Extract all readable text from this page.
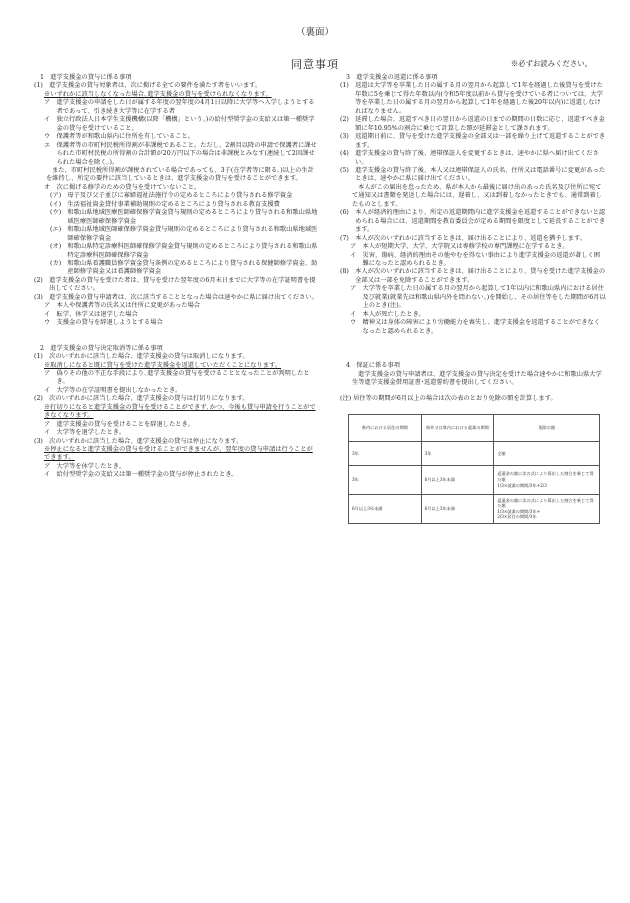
（裏面）
同意事項	※必ずお読みください。
1　進学支援金の貸与に係る事項
(1)　 進学支援金の貸与対象者は、次に掲げる全ての要件を満たす者をいいます。
※いずれかに該当しなくなった場合､進学支援金の貸与を受けられなくなります。
ア　 進学支援金の申請をした日が属する年度の翌年度の4月1日以降に大学等へ入学しようとする者であって、引き続き大学等に在学する者
イ　 独立行政法人日本学生支援機構(以降「機構」という。)の給付型奨学金の支給又は第一種奨学金の貸与を受けていること。
ウ　 保護者等が和歌山県内に住所を有していること。
エ　 保護者等の市町村民税所得割が非課税であること。ただし、2割目以降の申請で保護者に課せられた市町村民税の所得割の合計額が20万円以下の場合は非課税とみなす(連続して2回課せられた場合を除く。)。
また、市町村民税所得割が課税されている場合であっても、3子(在学者等に限る。)以上の生計を維持し、所定の要件に該当しているときは、進学支援金の貸与を受けることができます。
オ　 次に掲げる修学のための貸与を受けていないこと。
(ア)　 母子及び父子並びに寡婦福祉法施行令の定めるところにより貸与される修学資金
(イ)　 生活福祉資金貸付事業補助規則の定めるところにより貸与される教育支援費
(ウ)　 和歌山県地域医療医師確保修学資金貸与規則の定めるところにより貸与される和歌山県地域医療医師確保修学資金
(エ)　 和歌山県地域医師確保修学資金貸与規則の定めるところにより貸与される和歌山県地域医師確保修学資金
(オ)　 和歌山県特定診療科医師確保修学資金貸与規則の定めるところにより貸与される和歌山県特定診療科医師確保修学資金
(カ)　 和歌山県看護職員修学資金貸与条例の定めるところにより貸与される保健師修学資金、助産師修学資金又は看護師修学資金
(2)　 進学支援金の貸与を受けた者は、貸与を受けた翌年度の6月末日までに大学等の在学証明書を提出してください。
(3)　 進学支援金の貸与申請者は、次に該当することとなった場合は速やかに県に届け出てください。
ア　 本人や保護者等の氏名又は住所に変更があった場合
イ　 転学、休学又は退学した場合
ウ　 支援金の貸与を辞退しようとする場合
2　進学支援金の貸与決定取消等に係る事項
(1)　 次のいずれかに該当した場合、進学支援金の貸与は取消しになります。
※取消しになると既に貸与を受けた進学支援金を返還していただくことになります。
ア　 偽りその他の不正な手段により､進学支援金の貸与を受けることとなったことが判明したとき。
イ　 大学等の在学証明書を提出しなかったとき。
(2)　 次のいずれかに該当した場合、進学支援金の貸与は打切りになります。
※打切りになると進学支援金の貸与を受けることができず､かつ、今後も貸与申請を行うことができなくなります。
ア　 進学支援金の貸与を受けることを辞退したとき。
イ　 大学等を退学したとき。
(3)　 次のいずれかに該当した場合、進学支援金の貸与は停止になります。
※停止になると進学支援金の貸与を受けることができませんが、翌年度の貸与申請は行うことができます。
ア　 大学等を休学したとき。
イ　 給付型奨学金の支給又は第一種奨学金の貸与が停止されたとき。
3　進学支援金の返還に係る事項
(1)　 返還は大学等を卒業した日の属する月の翌月から起算して1年を経過した後貸与を受けた年数に5を乗じて得た年数以内(令和5年度以前から貸与を受けている者については、大学等を卒業した日の属する月の翌月から起算して1年を経過した後20年以内)に返還しなければなりません。
(2)　 延滞した場合、返還すべき日の翌日から返還の日までの期間の日数に応じ、返還すべき金額に年10.95%の割合に乗じて計算した額が延滞金として課されます。
(3)　 返還期日前に、貸与を受けた進学支援金の全部又は一部を繰り上げて返還することができます。
(4)　 進学支援金の貸与終了後、連帯保証人を変更するときは、速やかに県へ届け出てください。
(5)　 進学支援金の貸与終了後、本人又は連帯保証人の氏名、住所又は電話番号に変更があったときは、速やかに県に届け出てください。
本人がこの届出を怠ったため、県が本人から最後に届け出のあった氏名及び住所に宛てて通知又は書類を発送した場合には、遅着し、又は到着しなかったときでも、通常到着したものとします。
(6)　 本人が経済的理由により、所定の返還期間内に進学支援金を返還することができないと認められる場合には、返還期間を教育委員会が定める期間を限度として延長することができます。
(7)　 本人が次のいずれかに該当するときは、届け出ることにより、返還を猶予します。
ア　 本人が短期大学、大学、大学院又は専修学校の専門課程に在学するとき。
イ　 災害、傷病、経済的理由その他やむを得ない事由により進学支援金の返還が著しく困難になったと認められるとき。
(8)　 本人が次のいずれかに該当するときは、届け出ることにより、貸与を受けた進学支援金の全部又は一部を免除することができます。
ア　 大学等を卒業した日の属する月の翌月から起算して1年以内に和歌山県内における居住及び就業(就業先は和歌山県内外を問わない。)を開始し、その居住等をした期間が6月以上のとき(注)。
イ　 本人が死亡したとき。
ウ　 精神又は身体の障害により労働能力を喪失し、進学支援金を返還することができなくなったと認められるとき。
4　保証に係る事項
進学支援金の貸与申請者は、進学支援金の貸与決定を受けた場合速やかに和歌山県大学生等進学支援金借用証書･返還誓約書を提出してください。
(注) 居住等の期間が6月以上の場合は次の表のとおり免除の額を計算します。
県内における居住の期間	県外又は県内における就業の期間	免除の額
3年	3年	全額
3年	6月以上3年未満	返還金の額に次の式により算出した割合を乗じて得た額
1/3×就業の期間/3年+2/3
6月以上3年未満	6月以上3年未満	返還金の額に次の式により算出した割合を乗じて得た額
1/3×就業の期間/3年+
2/3×居住の期間/3年
